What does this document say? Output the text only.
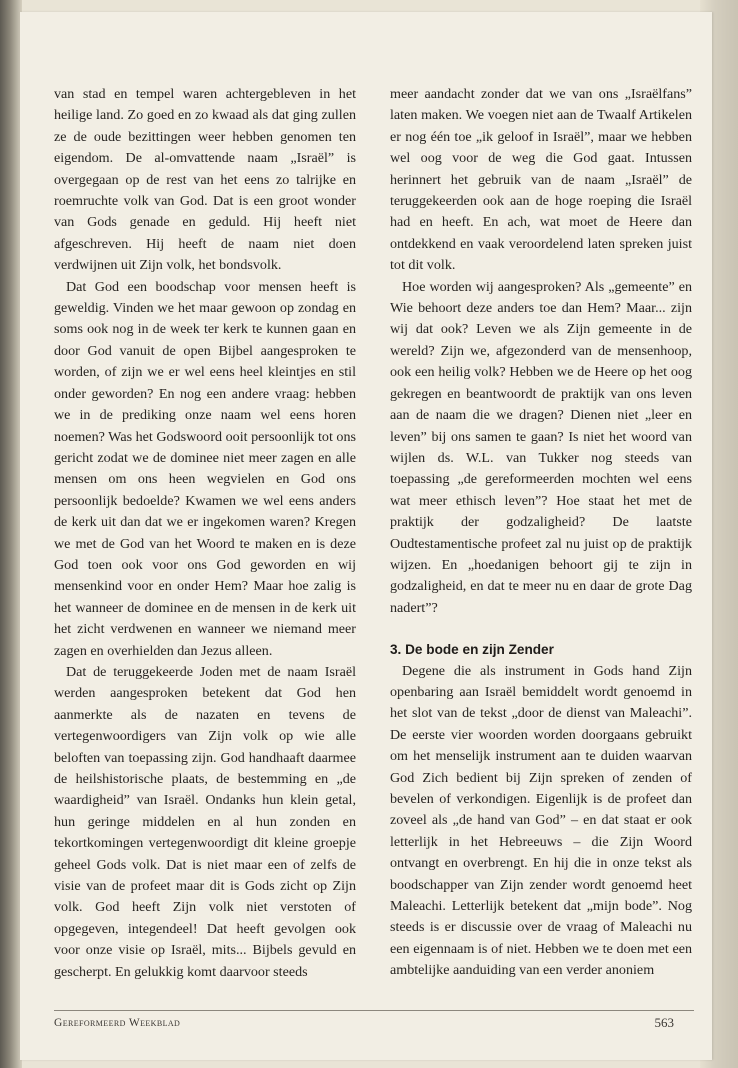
van stad en tempel waren achtergebleven in het heilige land. Zo goed en zo kwaad als dat ging zullen ze de oude bezittingen weer hebben genomen ten eigendom. De al-omvattende naam „Israël” is overgegaan op de rest van het eens zo talrijke en roemruchte volk van God. Dat is een groot wonder van Gods genade en geduld. Hij heeft niet afgeschreven. Hij heeft de naam niet doen verdwijnen uit Zijn volk, het bondsvolk.

Dat God een boodschap voor mensen heeft is geweldig. Vinden we het maar gewoon op zondag en soms ook nog in de week ter kerk te kunnen gaan en door God vanuit de open Bijbel aangesproken te worden, of zijn we er wel eens heel kleintjes en stil onder geworden? En nog een andere vraag: hebben we in de prediking onze naam wel eens horen noemen? Was het Godswoord ooit persoonlijk tot ons gericht zodat we de dominee niet meer zagen en alle mensen om ons heen wegvielen en God ons persoonlijk bedoelde? Kwamen we wel eens anders de kerk uit dan dat we er ingekomen waren? Kregen we met de God van het Woord te maken en is deze God toen ook voor ons God geworden en wij mensenkind voor en onder Hem? Maar hoe zalig is het wanneer de dominee en de mensen in de kerk uit het zicht verdwenen en wanneer we niemand meer zagen en overhielden dan Jezus alleen.

Dat de teruggekeerde Joden met de naam Israël werden aangesproken betekent dat God hen aanmerkte als de nazaten en tevens de vertegenwoordigers van Zijn volk op wie alle beloften van toepassing zijn. God handhaaft daarmee de heilshistorische plaats, de bestemming en „de waardigheid” van Israël. Ondanks hun klein getal, hun geringe middelen en al hun zonden en tekortkomingen vertegenwoordigt dit kleine groepje geheel Gods volk. Dat is niet maar een of zelfs de visie van de profeet maar dit is Gods zicht op Zijn volk. God heeft Zijn volk niet verstoten of opgegeven, integendeel! Dat heeft gevolgen ook voor onze visie op Israël, mits... Bijbels gevuld en gescherpt. En gelukkig komt daarvoor steeds

meer aandacht zonder dat we van ons „Israëlfans” laten maken. We voegen niet aan de Twaalf Artikelen er nog één toe „ik geloof in Israël”, maar we hebben wel oog voor de weg die God gaat. Intussen herinnert het gebruik van de naam „Israël” de teruggekeerden ook aan de hoge roeping die Israël had en heeft. En ach, wat moet de Heere dan ontdekkend en vaak veroordelend laten spreken juist tot dit volk.

Hoe worden wij aangesproken? Als „gemeente” en Wie behoort deze anders toe dan Hem? Maar... zijn wij dat ook? Leven we als Zijn gemeente in de wereld? Zijn we, afgezonderd van de mensenhoop, ook een heilig volk? Hebben we de Heere op het oog gekregen en beantwoordt de praktijk van ons leven aan de naam die we dragen? Dienen niet „leer en leven” bij ons samen te gaan? Is niet het woord van wijlen ds. W.L. van Tukker nog steeds van toepassing „de gereformeerden mochten wel eens wat meer ethisch leven”? Hoe staat het met de praktijk der godzaligheid? De laatste Oudtestamentische profeet zal nu juist op de praktijk wijzen. En „hoedanigen behoort gij te zijn in godzaligheid, en dat te meer nu en daar de grote Dag nadert”?

3. De bode en zijn Zender

Degene die als instrument in Gods hand Zijn openbaring aan Israël bemiddelt wordt genoemd in het slot van de tekst „door de dienst van Maleachi”. De eerste vier woorden worden doorgaans gebruikt om het menselijk instrument aan te duiden waarvan God Zich bedient bij Zijn spreken of zenden of bevelen of verkondigen. Eigenlijk is de profeet dan zoveel als „de hand van God” – en dat staat er ook letterlijk in het Hebreeuws – die Zijn Woord ontvangt en overbrengt. En hij die in onze tekst als boodschapper van Zijn zender wordt genoemd heet Maleachi. Letterlijk betekent dat „mijn bode”. Nog steeds is er discussie over de vraag of Maleachi nu een eigennaam is of niet. Hebben we te doen met een ambtelijke aanduiding van een verder anoniem

Gereformeerd Weekblad	563
